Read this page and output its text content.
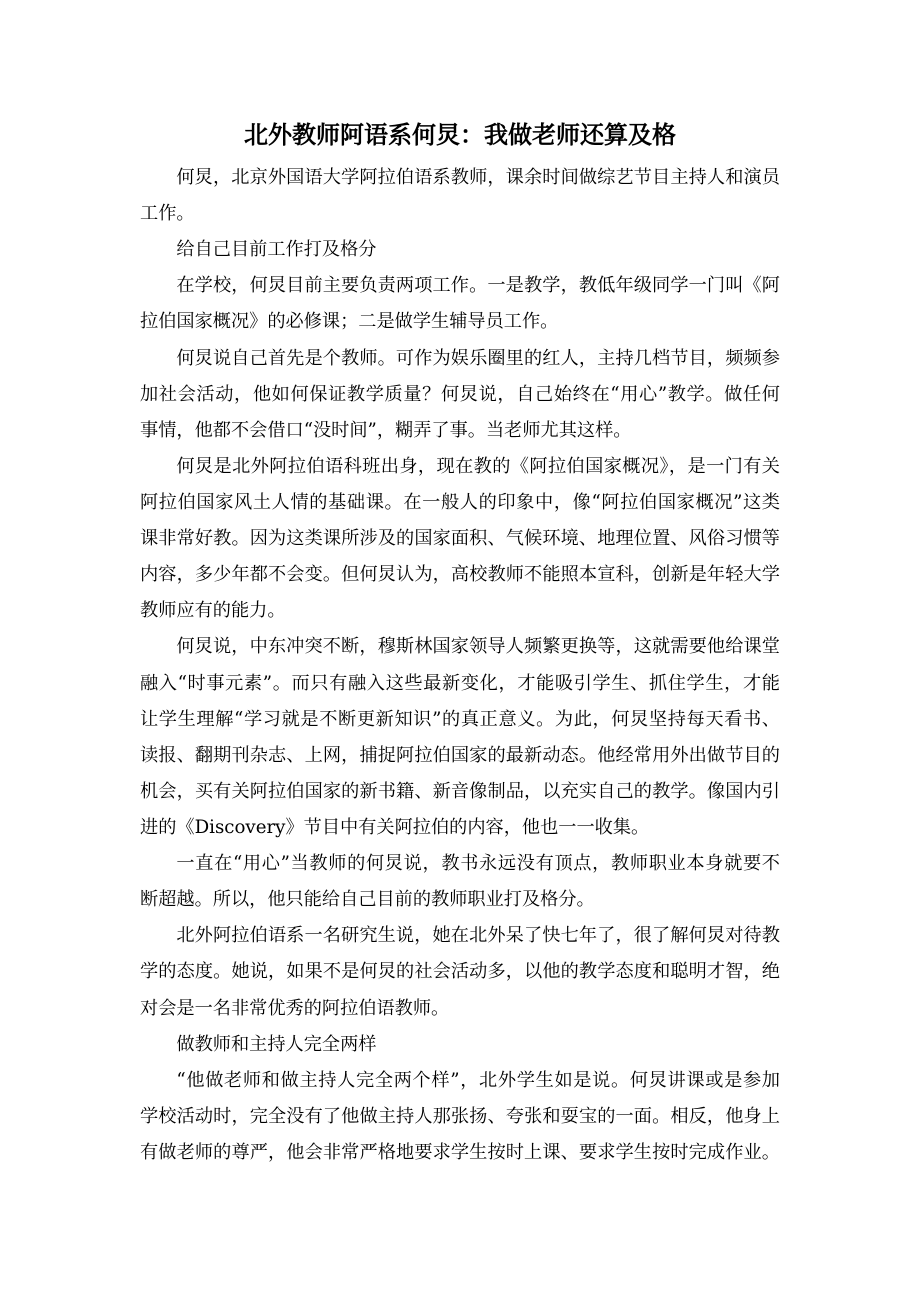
北外教师阿语系何炅：我做老师还算及格
何炅，北京外国语大学阿拉伯语系教师，课余时间做综艺节目主持人和演员
工作。
给自己目前工作打及格分
在学校，何炅目前主要负责两项工作。一是教学，教低年级同学一门叫《阿
拉伯国家概况》的必修课；二是做学生辅导员工作。
何炅说自己首先是个教师。可作为娱乐圈里的红人，主持几档节目，频频参
加社会活动，他如何保证教学质量？何炅说，自己始终在“用心”教学。做任何
事情，他都不会借口“没时间”，糊弄了事。当老师尤其这样。
何炅是北外阿拉伯语科班出身，现在教的《阿拉伯国家概况》，是一门有关
阿拉伯国家风土人情的基础课。在一般人的印象中，像“阿拉伯国家概况”这类
课非常好教。因为这类课所涉及的国家面积、气候环境、地理位置、风俗习惯等
内容，多少年都不会变。但何炅认为，高校教师不能照本宣科，创新是年轻大学
教师应有的能力。
何炅说，中东冲突不断，穆斯林国家领导人频繁更换等，这就需要他给课堂
融入“时事元素”。而只有融入这些最新变化，才能吸引学生、抓住学生，才能
让学生理解“学习就是不断更新知识”的真正意义。为此，何炅坚持每天看书、
读报、翻期刊杂志、上网，捕捉阿拉伯国家的最新动态。他经常用外出做节目的
机会，买有关阿拉伯国家的新书籍、新音像制品，以充实自己的教学。像国内引
进的《Discovery》节目中有关阿拉伯的内容，他也一一收集。
一直在“用心”当教师的何炅说，教书永远没有顶点，教师职业本身就要不
断超越。所以，他只能给自己目前的教师职业打及格分。
北外阿拉伯语系一名研究生说，她在北外呆了快七年了，很了解何炅对待教
学的态度。她说，如果不是何炅的社会活动多，以他的教学态度和聪明才智，绝
对会是一名非常优秀的阿拉伯语教师。
做教师和主持人完全两样
“他做老师和做主持人完全两个样”，北外学生如是说。何炅讲课或是参加
学校活动时，完全没有了他做主持人那张扬、夸张和耍宝的一面。相反，他身上
有做老师的尊严，他会非常严格地要求学生按时上课、要求学生按时完成作业。
